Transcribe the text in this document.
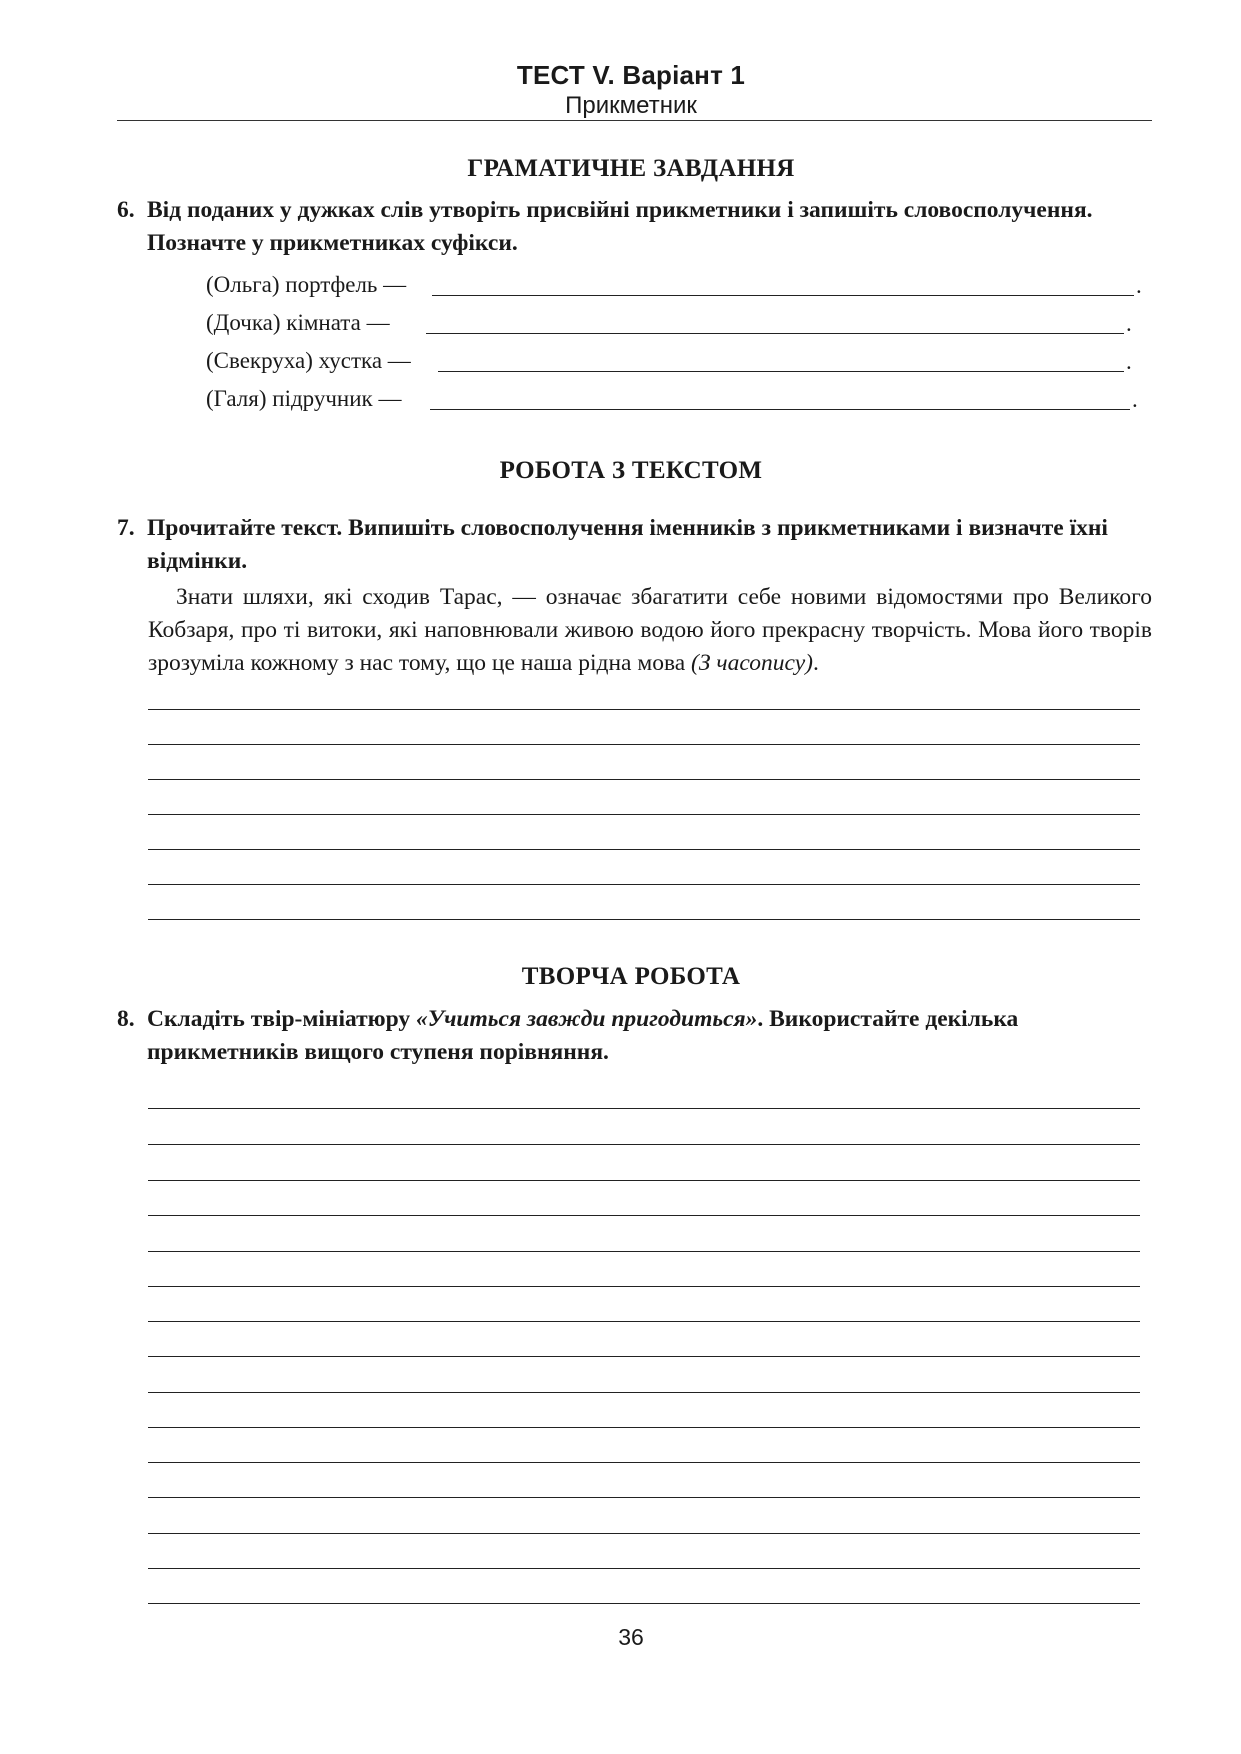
ТЕСТ V. Варіант 1
Прикметник
ГРАМАТИЧНЕ ЗАВДАННЯ
6. Від поданих у дужках слів утворіть присвійні прикметники і запишіть словосполучення.
Позначте у прикметниках суфікси.
(Ольга) портфель —	.
(Дочка) кімната —	.
(Свекруха) хустка —	.
(Галя) підручник —	.
РОБОТА З ТЕКСТОМ
7. Прочитайте текст. Випишіть словосполучення іменників з прикметниками і визначте їхні
відмінки.
Знати шляхи, які сходив Тарас, — означає збагатити себе новими відомостями про Великого Кобзаря, про ті витоки, які наповнювали живою водою його прекрасну творчість. Мова його творів зрозуміла кожному з нас тому, що це наша рідна мова (З часопису).
ТВОРЧА РОБОТА
8. Складіть твір-мініатюру «Учиться завжди пригодиться». Використайте декілька
прикметників вищого ступеня порівняння.
36
